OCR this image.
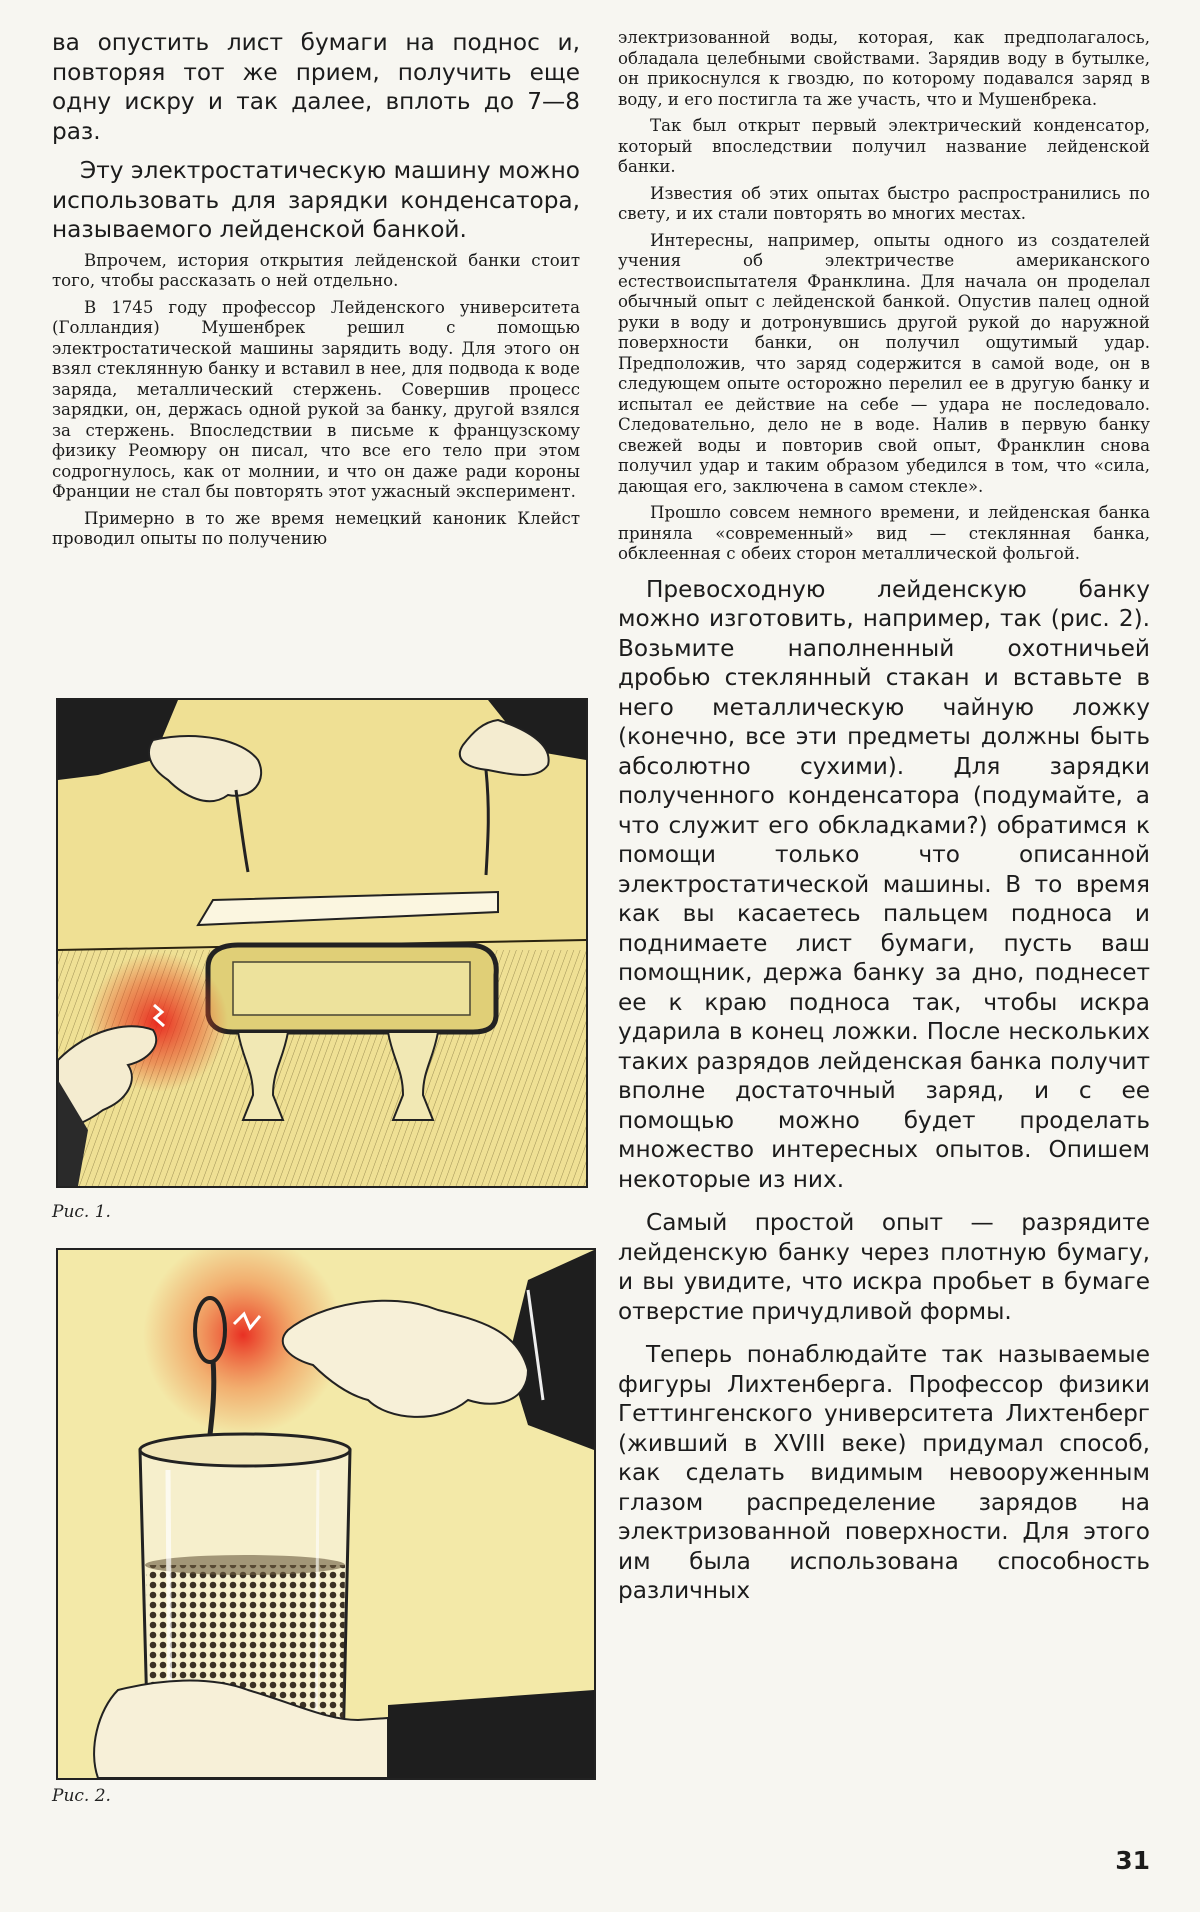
ва опустить лист бумаги на поднос и, повторяя тот же прием, получить еще одну искру и так далее, вплоть до 7—8 раз.

Эту электростатическую машину можно использовать для зарядки конденсатора, называемого лейденской банкой.

Впрочем, история открытия лейденской банки стоит того, чтобы рассказать о ней отдельно.

В 1745 году профессор Лейденского университета (Голландия) Мушенбрек решил с помощью электростатической машины зарядить воду. Для этого он взял стеклянную банку и вставил в нее, для подвода к воде заряда, металлический стержень. Совершив процесс зарядки, он, держась одной рукой за банку, другой взялся за стержень. Впоследствии в письме к французскому физику Реомюру он писал, что все его тело при этом содрогнулось, как от молнии, и что он даже ради короны Франции не стал бы повторять этот ужасный эксперимент.

Примерно в то же время немецкий каноник Клейст проводил опыты по получению

Рис. 1.
Рис. 2.

электризованной воды, которая, как предполагалось, обладала целебными свойствами. Зарядив воду в бутылке, он прикоснулся к гвоздю, по которому подавался заряд в воду, и его постигла та же участь, что и Мушенбрека.

Так был открыт первый электрический конденсатор, который впоследствии получил название лейденской банки.

Известия об этих опытах быстро распространились по свету, и их стали повторять во многих местах.

Интересны, например, опыты одного из создателей учения об электричестве американского естествоиспытателя Франклина. Для начала он проделал обычный опыт с лейденской банкой. Опустив палец одной руки в воду и дотронувшись другой рукой до наружной поверхности банки, он получил ощутимый удар. Предположив, что заряд содержится в самой воде, он в следующем опыте осторожно перелил ее в другую банку и испытал ее действие на себе — удара не последовало. Следовательно, дело не в воде. Налив в первую банку свежей воды и повторив свой опыт, Франклин снова получил удар и таким образом убедился в том, что «сила, дающая его, заключена в самом стекле».

Прошло совсем немного времени, и лейденская банка приняла «современный» вид — стеклянная банка, обклеенная с обеих сторон металлической фольгой.

Превосходную лейденскую банку можно изготовить, например, так (рис. 2). Возьмите наполненный охотничьей дробью стеклянный стакан и вставьте в него металлическую чайную ложку (конечно, все эти предметы должны быть абсолютно сухими). Для зарядки полученного конденсатора (подумайте, а что служит его обкладками?) обратимся к помощи только что описанной электростатической машины. В то время как вы касаетесь пальцем подноса и поднимаете лист бумаги, пусть ваш помощник, держа банку за дно, поднесет ее к краю подноса так, чтобы искра ударила в конец ложки. После нескольких таких разрядов лейденская банка получит вполне достаточный заряд, и с ее помощью можно будет проделать множество интересных опытов. Опишем некоторые из них.

Самый простой опыт — разрядите лейденскую банку через плотную бумагу, и вы увидите, что искра пробьет в бумаге отверстие причудливой формы.

Теперь понаблюдайте так называемые фигуры Лихтенберга. Профессор физики Геттингенского университета Лихтенберг (живший в XVIII веке) придумал способ, как сделать видимым невооруженным глазом распределение зарядов на электризованной поверхности. Для этого им была использована способность различных

31
